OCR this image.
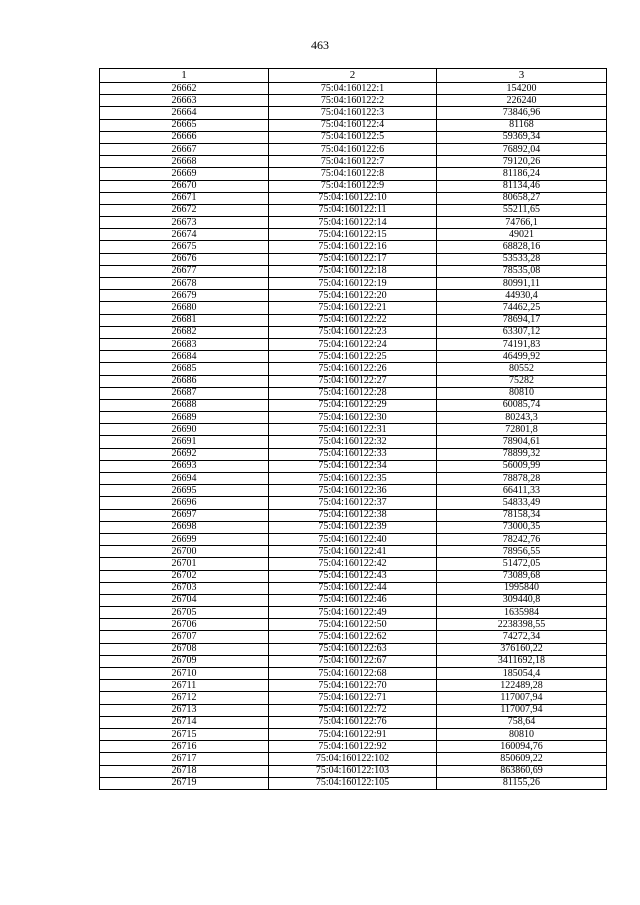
463
1	2	3
26662	75:04:160122:1	154200
26663	75:04:160122:2	226240
26664	75:04:160122:3	73846,96
26665	75:04:160122:4	81168
26666	75:04:160122:5	59369,34
26667	75:04:160122:6	76892,04
26668	75:04:160122:7	79120,26
26669	75:04:160122:8	81186,24
26670	75:04:160122:9	81134,46
26671	75:04:160122:10	80658,27
26672	75:04:160122:11	55211,65
26673	75:04:160122:14	74766,1
26674	75:04:160122:15	49021
26675	75:04:160122:16	68828,16
26676	75:04:160122:17	53533,28
26677	75:04:160122:18	78535,08
26678	75:04:160122:19	80991,11
26679	75:04:160122:20	44930,4
26680	75:04:160122:21	74462,25
26681	75:04:160122:22	78694,17
26682	75:04:160122:23	63307,12
26683	75:04:160122:24	74191,83
26684	75:04:160122:25	46499,92
26685	75:04:160122:26	80552
26686	75:04:160122:27	75282
26687	75:04:160122:28	80810
26688	75:04:160122:29	60085,74
26689	75:04:160122:30	80243,3
26690	75:04:160122:31	72801,8
26691	75:04:160122:32	78904,61
26692	75:04:160122:33	78899,32
26693	75:04:160122:34	56009,99
26694	75:04:160122:35	78878,28
26695	75:04:160122:36	66411,33
26696	75:04:160122:37	54833,49
26697	75:04:160122:38	78158,34
26698	75:04:160122:39	73000,35
26699	75:04:160122:40	78242,76
26700	75:04:160122:41	78956,55
26701	75:04:160122:42	51472,05
26702	75:04:160122:43	73089,68
26703	75:04:160122:44	1995840
26704	75:04:160122:46	309440,8
26705	75:04:160122:49	1635984
26706	75:04:160122:50	2238398,55
26707	75:04:160122:62	74272,34
26708	75:04:160122:63	376160,22
26709	75:04:160122:67	3411692,18
26710	75:04:160122:68	185054,4
26711	75:04:160122:70	122489,28
26712	75:04:160122:71	117007,94
26713	75:04:160122:72	117007,94
26714	75:04:160122:76	758,64
26715	75:04:160122:91	80810
26716	75:04:160122:92	160094,76
26717	75:04:160122:102	850609,22
26718	75:04:160122:103	863860,69
26719	75:04:160122:105	81155,26
